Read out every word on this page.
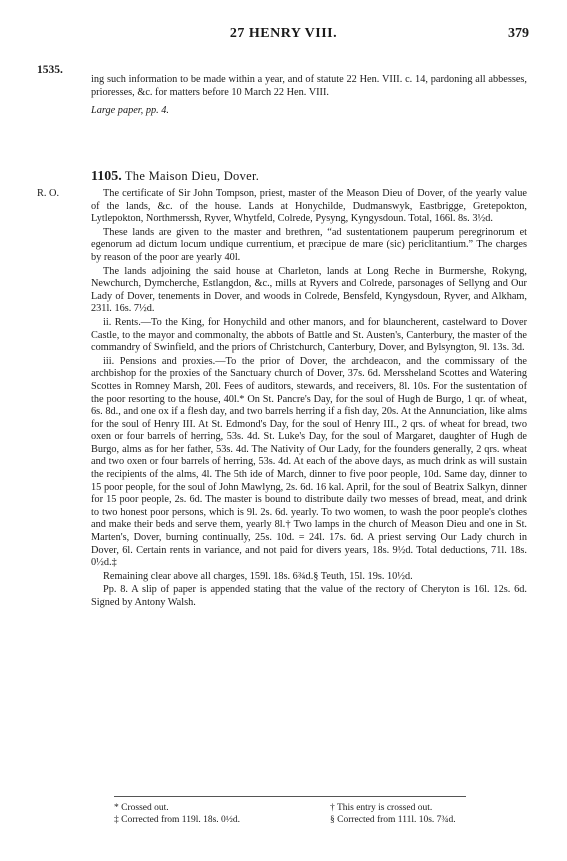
27 HENRY VIII.	379
1535.

ing such information to be made within a year, and of statute 22 Hen. VIII. c. 14, pardoning all abbesses, prioresses, &c. for matters before 10 March 22 Hen. VIII.

Large paper, pp. 4.

1105. The Maison Dieu, Dover.
R. O.	The certificate of Sir John Tompson, priest, master of the Meason Dieu of Dover, of the yearly value of the lands, &c. of the house. Lands at Honychilde, Dudmanswyk, Eastbrigge, Gretepokton, Lytlepokton, Northmerssh, Ryver, Whytfeld, Colrede, Pysyng, Kyngysdoun. Total, 166l. 8s. 3½d.

These lands are given to the master and brethren, “ad sustentationem pauperum peregrinorum et egenorum ad dictum locum undique currentium, et præcipue de mare (sic) periclitantium.” The charges by reason of the poor are yearly 40l.

The lands adjoining the said house at Charleton, lands at Long Reche in Burmershe, Rokyng, Newchurch, Dymcherche, Estlangdon, &c., mills at Ryvers and Colrede, parsonages of Sellyng and Our Lady of Dover, tenements in Dover, and woods in Colrede, Bensfeld, Kyngysdoun, Ryver, and Alkham, 231l. 16s. 7½d.

ii. Rents.—To the King, for Honychild and other manors, and for blauncherent, castelward to Dover Castle, to the mayor and commonalty, the abbots of Battle and St. Austen's, Canterbury, the master of the commandry of Swinfield, and the priors of Christchurch, Canterbury, Dover, and Bylsyngton, 9l. 13s. 3d.

iii. Pensions and proxies.—To the prior of Dover, the archdeacon, and the commissary of the archbishop for the proxies of the Sanctuary church of Dover, 37s. 6d. Merssheland Scottes and Watering Scottes in Romney Marsh, 20l. Fees of auditors, stewards, and receivers, 8l. 10s. For the sustentation of the poor resorting to the house, 40l.* On St. Pancre's Day, for the soul of Hugh de Burgo, 1 qr. of wheat, 6s. 8d., and one ox if a flesh day, and two barrels herring if a fish day, 20s. At the Annunciation, like alms for the soul of Henry III. At St. Edmond's Day, for the soul of Henry III., 2 qrs. of wheat for bread, two oxen or four barrels of herring, 53s. 4d. St. Luke's Day, for the soul of Margaret, daughter of Hugh de Burgo, alms as for her father, 53s. 4d. The Nativity of Our Lady, for the founders generally, 2 qrs. wheat and two oxen or four barrels of herring, 53s. 4d. At each of the above days, as much drink as will sustain the recipients of the alms, 4l. The 5th ide of March, dinner to five poor people, 10d. Same day, dinner to 15 poor people, for the soul of John Mawlyng, 2s. 6d. 16 kal. April, for the soul of Beatrix Salkyn, dinner for 15 poor people, 2s. 6d. The master is bound to distribute daily two messes of bread, meat, and drink to two honest poor persons, which is 9l. 2s. 6d. yearly. To two women, to wash the poor people's clothes and make their beds and serve them, yearly 8l.† Two lamps in the church of Meason Dieu and one in St. Marten's, Dover, burning continually, 25s. 10d. = 24l. 17s. 6d. A priest serving Our Lady church in Dover, 6l. Certain rents in variance, and not paid for divers years, 18s. 9½d. Total deductions, 71l. 18s. 0½d.‡

Remaining clear above all charges, 159l. 18s. 6¾d.§ Teuth, 15l. 19s. 10½d.

Pp. 8. A slip of paper is appended stating that the value of the rectory of Cheryton is 16l. 12s. 6d. Signed by Antony Walsh.

* Crossed out.	† This entry is crossed out.
‡ Corrected from 119l. 18s. 0½d.	§ Corrected from 111l. 10s. 7¾d.
